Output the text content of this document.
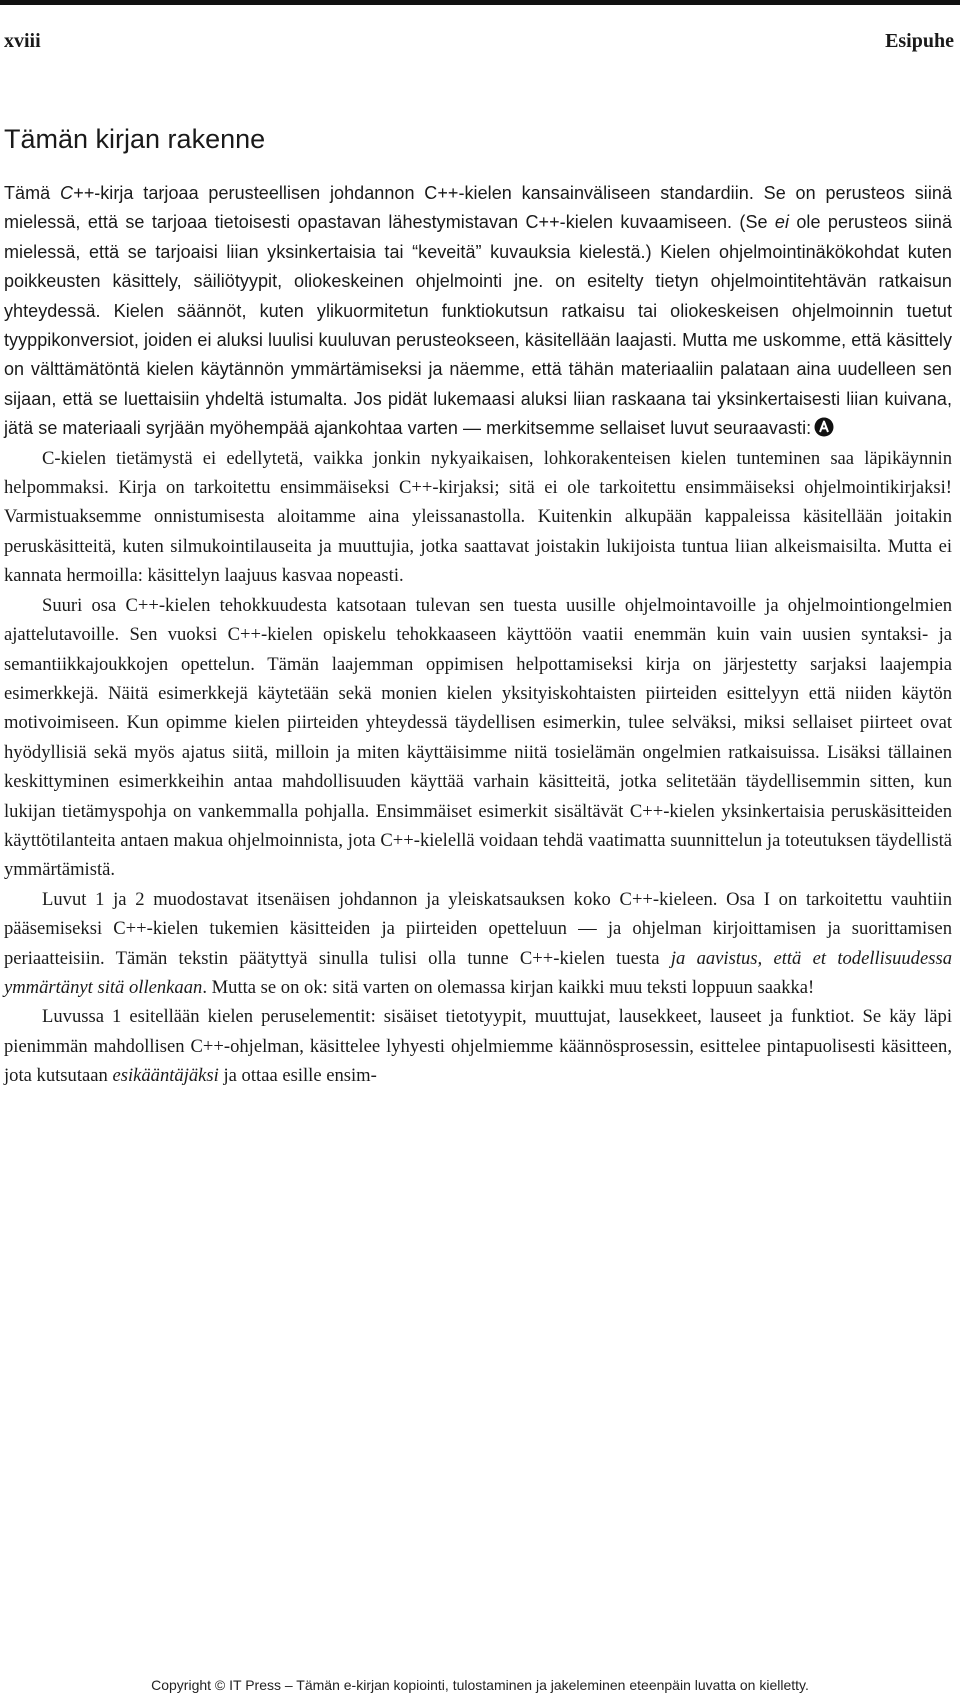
xviii	Esipuhe
Tämän kirjan rakenne

Tämä C++-kirja tarjoaa perusteellisen johdannon C++-kielen kansainväliseen standardiin. Se on perusteos siinä mielessä, että se tarjoaa tietoisesti opastavan lähestymistavan C++-kielen kuvaamiseen. (Se ei ole perusteos siinä mielessä, että se tarjoaisi liian yksinkertaisia tai “keveitä” kuvauksia kielestä.) Kielen ohjelmointinäkökohdat kuten poikkeusten käsittely, säiliötyypit, oliokeskeinen ohjelmointi jne. on esitelty tietyn ohjelmointitehtävän ratkaisun yhteydessä. Kielen säännöt, kuten ylikuormitetun funktiokutsun ratkaisu tai oliokeskeisen ohjelmoinnin tuetut tyyppikonversiot, joiden ei aluksi luulisi kuuluvan perusteokseen, käsitellään laajasti. Mutta me uskomme, että käsittely on välttämätöntä kielen käytännön ymmärtämiseksi ja näemme, että tähän materiaaliin palataan aina uudelleen sen sijaan, että se luettaisiin yhdeltä istumalta. Jos pidät lukemaasi aluksi liian raskaana tai yksinkertaisesti liian kuivana, jätä se materiaali syrjään myöhempää ajankohtaa varten — merkitsemme sellaiset luvut seuraavasti:

C-kielen tietämystä ei edellytetä, vaikka jonkin nykyaikaisen, lohkorakenteisen kielen tunteminen saa läpikäynnin helpommaksi. Kirja on tarkoitettu ensimmäiseksi C++-kirjaksi; sitä ei ole tarkoitettu ensimmäiseksi ohjelmointikirjaksi! Varmistuaksemme onnistumisesta aloitamme aina yleissanastolla. Kuitenkin alkupään kappaleissa käsitellään joitakin peruskäsitteitä, kuten silmukointilauseita ja muuttujia, jotka saattavat joistakin lukijoista tuntua liian alkeismaisilta. Mutta ei kannata hermoilla: käsittelyn laajuus kasvaa nopeasti.

Suuri osa C++-kielen tehokkuudesta katsotaan tulevan sen tuesta uusille ohjelmointavoille ja ohjelmointiongelmien ajattelutavoille. Sen vuoksi C++-kielen opiskelu tehokkaaseen käyttöön vaatii enemmän kuin vain uusien syntaksi- ja semantiikkajoukkojen opettelun. Tämän laajemman oppimisen helpottamiseksi kirja on järjestetty sarjaksi laajempia esimerkkejä. Näitä esimerkkejä käytetään sekä monien kielen yksityiskohtaisten piirteiden esittelyyn että niiden käytön motivoimiseen. Kun opimme kielen piirteiden yhteydessä täydellisen esimerkin, tulee selväksi, miksi sellaiset piirteet ovat hyödyllisiä sekä myös ajatus siitä, milloin ja miten käyttäisimme niitä tosielämän ongelmien ratkaisuissa. Lisäksi tällainen keskittyminen esimerkkeihin antaa mahdollisuuden käyttää varhain käsitteitä, jotka selitetään täydellisemmin sitten, kun lukijan tietämyspohja on vankemmalla pohjalla. Ensimmäiset esimerkit sisältävät C++-kielen yksinkertaisia peruskäsitteiden käyttötilanteita antaen makua ohjelmoinnista, jota C++-kielellä voidaan tehdä vaatimatta suunnittelun ja toteutuksen täydellistä ymmärtämistä.

Luvut 1 ja 2 muodostavat itsenäisen johdannon ja yleiskatsauksen koko C++-kieleen. Osa I on tarkoitettu vauhtiin pääsemiseksi C++-kielen tukemien käsitteiden ja piirteiden opetteluun — ja ohjelman kirjoittamisen ja suorittamisen periaatteisiin. Tämän tekstin päätyttyä sinulla tulisi olla tunne C++-kielen tuesta ja aavistus, että et todellisuudessa ymmärtänyt sitä ollenkaan. Mutta se on ok: sitä varten on olemassa kirjan kaikki muu teksti loppuun saakka!

Luvussa 1 esitellään kielen peruselementit: sisäiset tietotyypit, muuttujat, lausekkeet, lauseet ja funktiot. Se käy läpi pienimmän mahdollisen C++-ohjelman, käsittelee lyhyesti ohjelmiemme käännösprosessin, esittelee pintapuolisesti käsitteen, jota kutsutaan esikääntäjäksi ja ottaa esille ensim-

Copyright © IT Press – Tämän e-kirjan kopiointi, tulostaminen ja jakeleminen eteenpäin luvatta on kielletty.
